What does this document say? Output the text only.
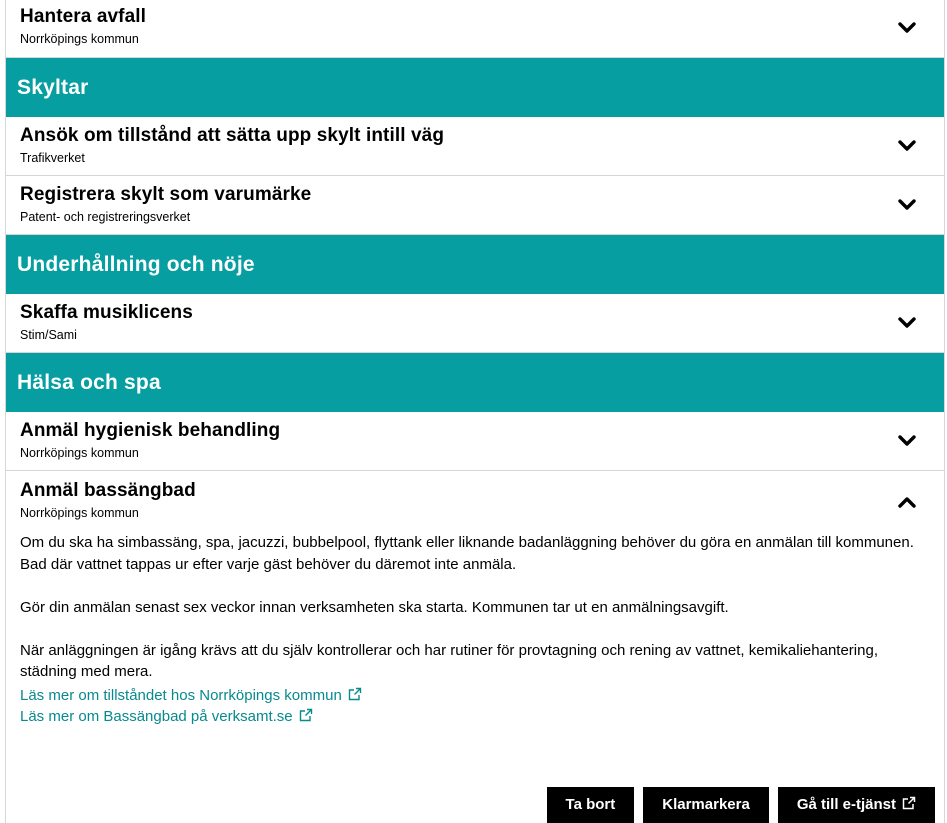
Hantera avfall
Norrköpings kommun
Skyltar
Ansök om tillstånd att sätta upp skylt intill väg
Trafikverket
Registrera skylt som varumärke
Patent- och registreringsverket
Underhållning och nöje
Skaffa musiklicens
Stim/Sami
Hälsa och spa
Anmäl hygienisk behandling
Norrköpings kommun
Anmäl bassängbad
Norrköpings kommun

Om du ska ha simbassäng, spa, jacuzzi, bubbelpool, flyttank eller liknande badanläggning behöver du göra en anmälan till kommunen. Bad där vattnet tappas ur efter varje gäst behöver du däremot inte anmäla.

Gör din anmälan senast sex veckor innan verksamheten ska starta. Kommunen tar ut en anmälningsavgift.

När anläggningen är igång krävs att du själv kontrollerar och har rutiner för provtagning och rening av vattnet, kemikaliehantering, städning med mera.

Läs mer om tillståndet hos Norrköpings kommun
Läs mer om Bassängbad på verksamt.se
Ta bort	Klarmarkera	Gå till e-tjänst
